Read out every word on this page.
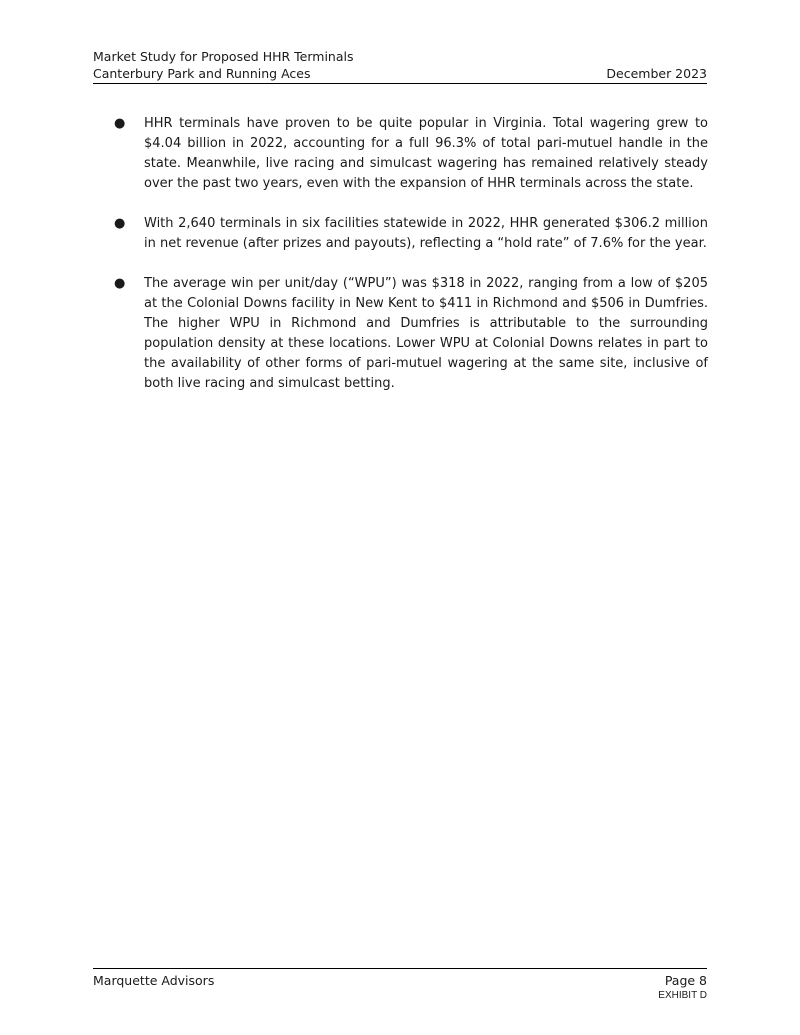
Market Study for Proposed HHR Terminals
Canterbury Park and Running Aces	December 2023
● HHR terminals have proven to be quite popular in Virginia. Total wagering grew to $4.04 billion in 2022, accounting for a full 96.3% of total pari-mutuel handle in the state. Meanwhile, live racing and simulcast wagering has remained relatively steady over the past two years, even with the expansion of HHR terminals across the state.
● With 2,640 terminals in six facilities statewide in 2022, HHR generated $306.2 million in net revenue (after prizes and payouts), reflecting a “hold rate” of 7.6% for the year.
● The average win per unit/day (“WPU”) was $318 in 2022, ranging from a low of $205 at the Colonial Downs facility in New Kent to $411 in Richmond and $506 in Dumfries. The higher WPU in Richmond and Dumfries is attributable to the surrounding population density at these locations. Lower WPU at Colonial Downs relates in part to the availability of other forms of pari-mutuel wagering at the same site, inclusive of both live racing and simulcast betting.
Marquette Advisors	Page 8
EXHIBIT D
